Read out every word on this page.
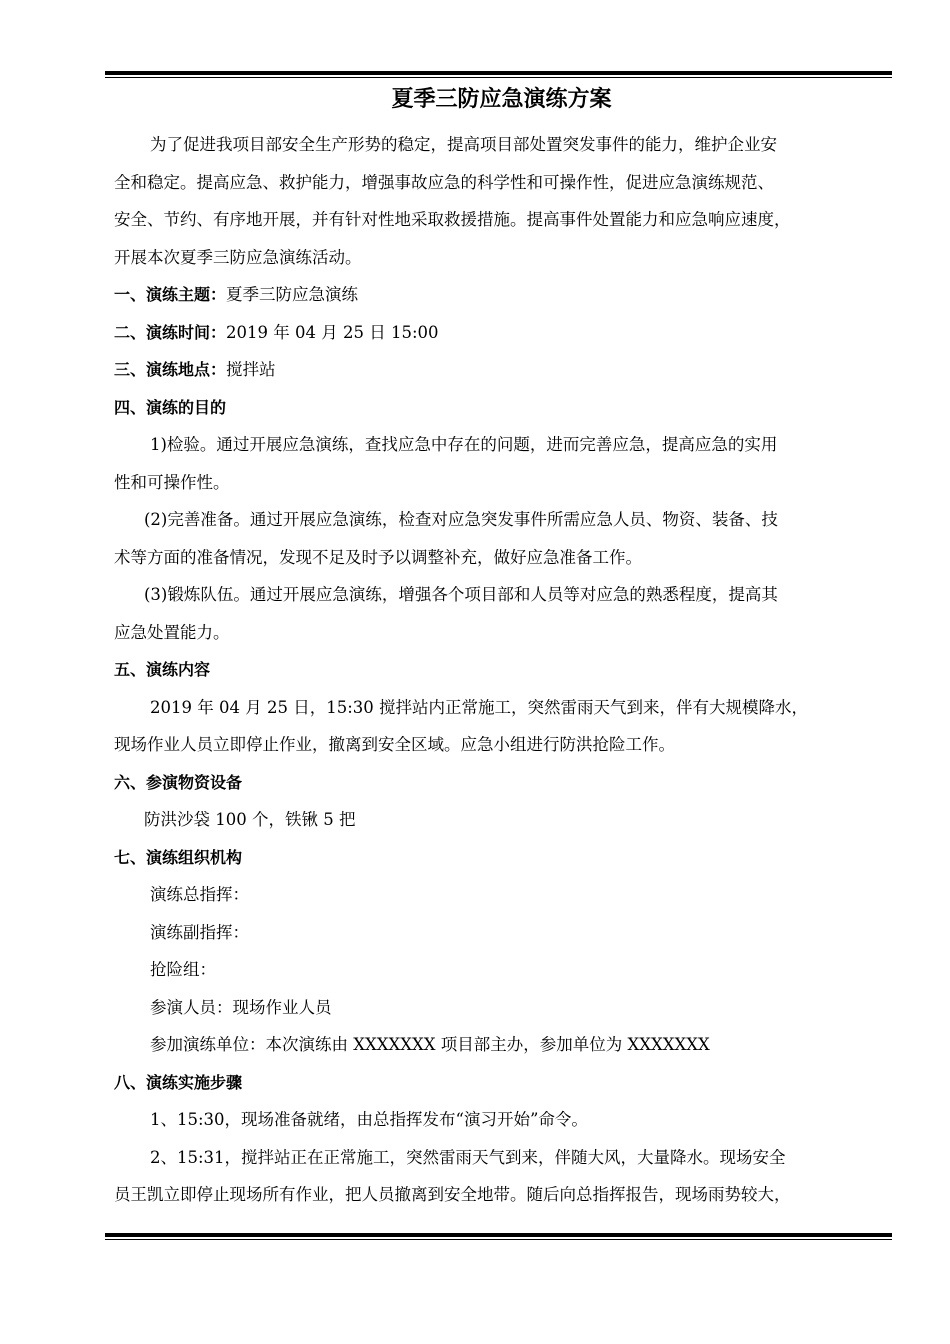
夏季三防应急演练方案

为了促进我项目部安全生产形势的稳定，提高项目部处置突发事件的能力，维护企业安
全和稳定。提高应急、救护能力，增强事故应急的科学性和可操作性，促进应急演练规范、
安全、节约、有序地开展，并有针对性地采取救援措施。提高事件处置能力和应急响应速度，
开展本次夏季三防应急演练活动。

一、演练主题：夏季三防应急演练

二、演练时间：2019 年 04 月 25 日 15:00

三、演练地点：搅拌站

四、演练的目的

1)检验。通过开展应急演练，查找应急中存在的问题，进而完善应急，提高应急的实用
性和可操作性。

(2)完善准备。通过开展应急演练，检查对应急突发事件所需应急人员、物资、装备、技
术等方面的准备情况，发现不足及时予以调整补充，做好应急准备工作。

(3)锻炼队伍。通过开展应急演练，增强各个项目部和人员等对应急的熟悉程度，提高其
应急处置能力。

五、演练内容

2019 年 04 月 25 日，15:30 搅拌站内正常施工，突然雷雨天气到来，伴有大规模降水，
现场作业人员立即停止作业，撤离到安全区域。应急小组进行防洪抢险工作。

六、参演物资设备

防洪沙袋 100 个，铁锹 5 把

七、演练组织机构

演练总指挥：

演练副指挥：

抢险组：

参演人员：现场作业人员

参加演练单位：本次演练由 XXXXXXX 项目部主办，参加单位为 XXXXXXX

八、演练实施步骤

1、15:30，现场准备就绪，由总指挥发布“演习开始”命令。

2、15:31，搅拌站正在正常施工，突然雷雨天气到来，伴随大风，大量降水。现场安全
员王凯立即停止现场所有作业，把人员撤离到安全地带。随后向总指挥报告，现场雨势较大，
